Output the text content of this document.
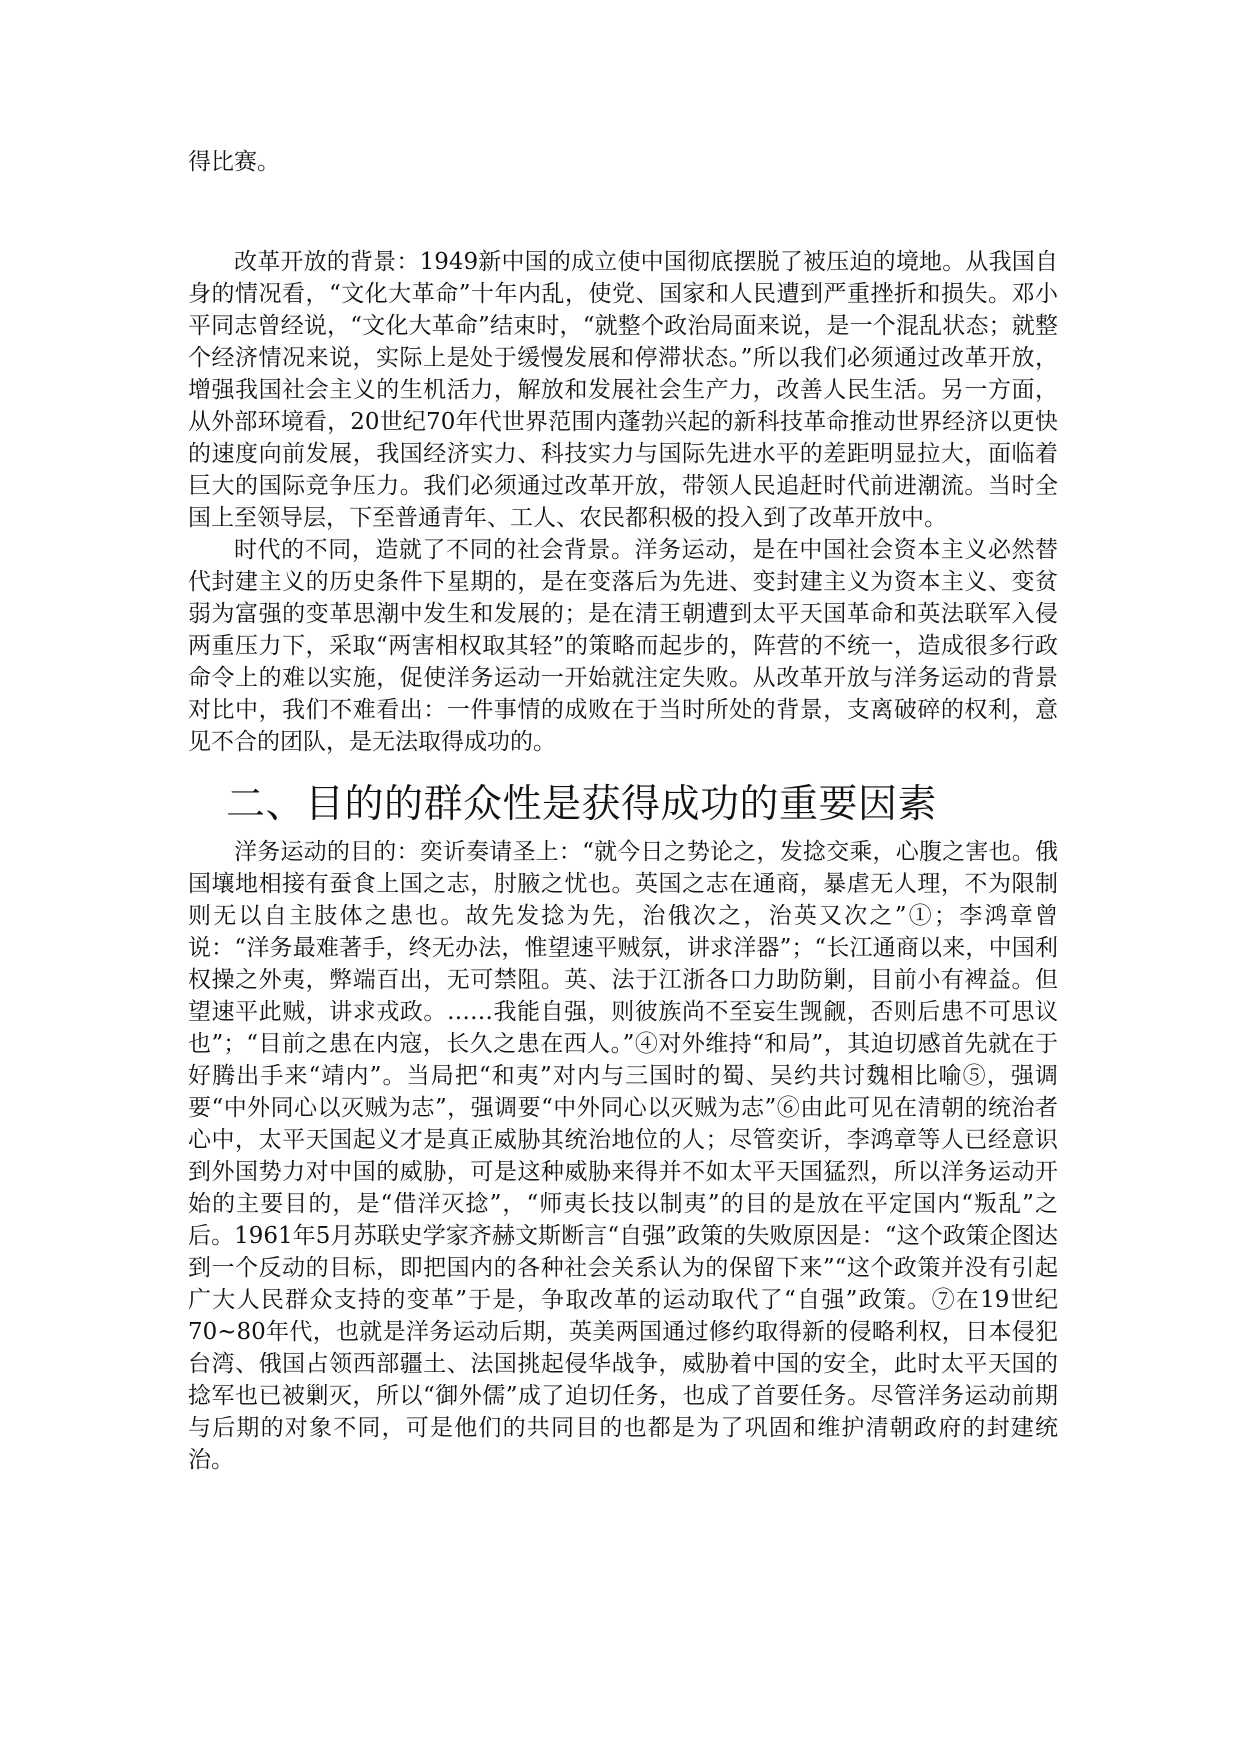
得比赛。

改革开放的背景：1949新中国的成立使中国彻底摆脱了被压迫的境地。从我国自身的情况看，“文化大革命”十年内乱，使党、国家和人民遭到严重挫折和损失。邓小平同志曾经说，“文化大革命”结束时，“就整个政治局面来说，是一个混乱状态；就整个经济情况来说，实际上是处于缓慢发展和停滞状态。”所以我们必须通过改革开放，增强我国社会主义的生机活力，解放和发展社会生产力，改善人民生活。另一方面，从外部环境看，20世纪70年代世界范围内蓬勃兴起的新科技革命推动世界经济以更快的速度向前发展，我国经济实力、科技实力与国际先进水平的差距明显拉大，面临着巨大的国际竞争压力。我们必须通过改革开放，带领人民追赶时代前进潮流。当时全国上至领导层，下至普通青年、工人、农民都积极的投入到了改革开放中。

时代的不同，造就了不同的社会背景。洋务运动，是在中国社会资本主义必然替代封建主义的历史条件下星期的，是在变落后为先进、变封建主义为资本主义、变贫弱为富强的变革思潮中发生和发展的；是在清王朝遭到太平天国革命和英法联军入侵两重压力下，采取“两害相权取其轻”的策略而起步的，阵营的不统一，造成很多行政命令上的难以实施，促使洋务运动一开始就注定失败。从改革开放与洋务运动的背景对比中，我们不难看出：一件事情的成败在于当时所处的背景，支离破碎的权利，意见不合的团队，是无法取得成功的。

二、目的的群众性是获得成功的重要因素

洋务运动的目的：奕䜣奏请圣上：“就今日之势论之，发捻交乘，心腹之害也。俄国壤地相接有蚕食上国之志，肘腋之忧也。英国之志在通商，暴虐无人理，不为限制则无以自主肢体之患也。故先发捻为先，治俄次之，治英又次之”①；李鸿章曾说：“洋务最难著手，终无办法，惟望速平贼氛，讲求洋器”；“长江通商以来，中国利权操之外夷，弊端百出，无可禁阻。英、法于江浙各口力助防剿，目前小有裨益。但望速平此贼，讲求戎政。……我能自强，则彼族尚不至妄生觊觎，否则后患不可思议也”；“目前之患在内寇，长久之患在西人。”④对外维持“和局”，其迫切感首先就在于好腾出手来“靖内”。当局把“和夷”对内与三国时的蜀、吴约共讨魏相比喻⑤，强调要“中外同心以灭贼为志”，强调要“中外同心以灭贼为志”⑥由此可见在清朝的统治者心中，太平天国起义才是真正威胁其统治地位的人；尽管奕䜣，李鸿章等人已经意识到外国势力对中国的威胁，可是这种威胁来得并不如太平天国猛烈，所以洋务运动开始的主要目的，是“借洋灭捻”，“师夷长技以制夷”的目的是放在平定国内“叛乱”之后。1961年5月苏联史学家齐赫文斯断言“自强”政策的失败原因是：“这个政策企图达到一个反动的目标，即把国内的各种社会关系认为的保留下来”“这个政策并没有引起广大人民群众支持的变革”于是，争取改革的运动取代了“自强”政策。⑦在19世纪70~80年代，也就是洋务运动后期，英美两国通过修约取得新的侵略利权，日本侵犯台湾、俄国占领西部疆土、法国挑起侵华战争，威胁着中国的安全，此时太平天国的捻军也已被剿灭，所以“御外儒”成了迫切任务，也成了首要任务。尽管洋务运动前期与后期的对象不同，可是他们的共同目的也都是为了巩固和维护清朝政府的封建统治。
